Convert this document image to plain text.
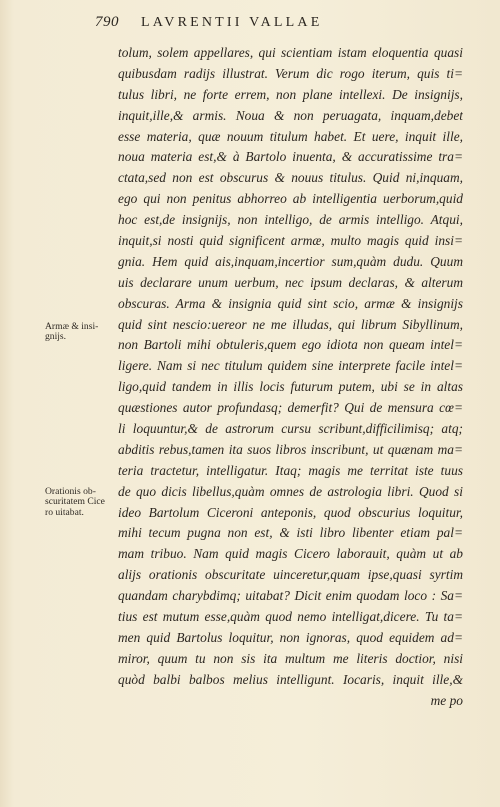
790 LAVRENTII VALLAE
Armæ & insi-
gnijs.
Orationis ob-
scuritatem Cice
ro uitabat.
tolum, solem appellares, qui scientiam istam eloquentia quasi
quibusdam radijs illustrat. Verum dic rogo iterum, quis ti=
tulus libri, ne forte errem, non plane intellexi. De insignijs,
inquit,ille,& armis. Noua & non peruagata, inquam,debet
esse materia, quæ nouum titulum habet. Et uere, inquit ille,
noua materia est,& à Bartolo inuenta, & accuratissime tra=
ctata,sed non est obscurus & nouus titulus. Quid ni,inquam,
ego qui non penitus abhorreo ab intelligentia uerborum,quid
hoc est,de insignijs, non intelligo, de armis intelligo. Atqui,
inquit,si nosti quid significent armæ, multo magis quid insi=
gnia. Hem quid ais,inquam,incertior sum,quàm dudu. Quum
uis declarare unum uerbum, nec ipsum declaras, & alterum
obscuras. Arma & insignia quid sint scio, armæ & insignijs
quid sint nescio:uereor ne me illudas, qui librum Sibyllinum,
non Bartoli mihi obtuleris,quem ego idiota non queam intel=
ligere. Nam si nec titulum quidem sine interprete facile intel=
ligo,quid tandem in illis locis futurum putem, ubi se in altas
quæstiones autor profundasq; demerfit? Qui de mensura cœ=
li loquuntur,& de astrorum cursu scribunt,difficilimisq; atq;
abditis rebus,tamen ita suos libros inscribunt, ut quænam ma=
teria tractetur, intelligatur. Itaq; magis me territat iste tuus
de quo dicis libellus,quàm omnes de astrologia libri. Quod si
ideo Bartolum Ciceroni anteponis, quod obscurius loquitur,
mihi tecum pugna non est, & isti libro libenter etiam pal=
mam tribuo. Nam quid magis Cicero laborauit, quàm ut ab
alijs orationis obscuritate uinceretur,quam ipse,quasi syrtim
quandam charybdimq; uitabat? Dicit enim quodam loco : Sa=
tius est mutum esse,quàm quod nemo intelligat,dicere. Tu ta=
men quid Bartolus loquitur, non ignoras, quod equidem ad=
miror, quum tu non sis ita multum me literis doctior, nisi
quòd balbi balbos melius intelligunt. Iocaris, inquit ille,&
me po
